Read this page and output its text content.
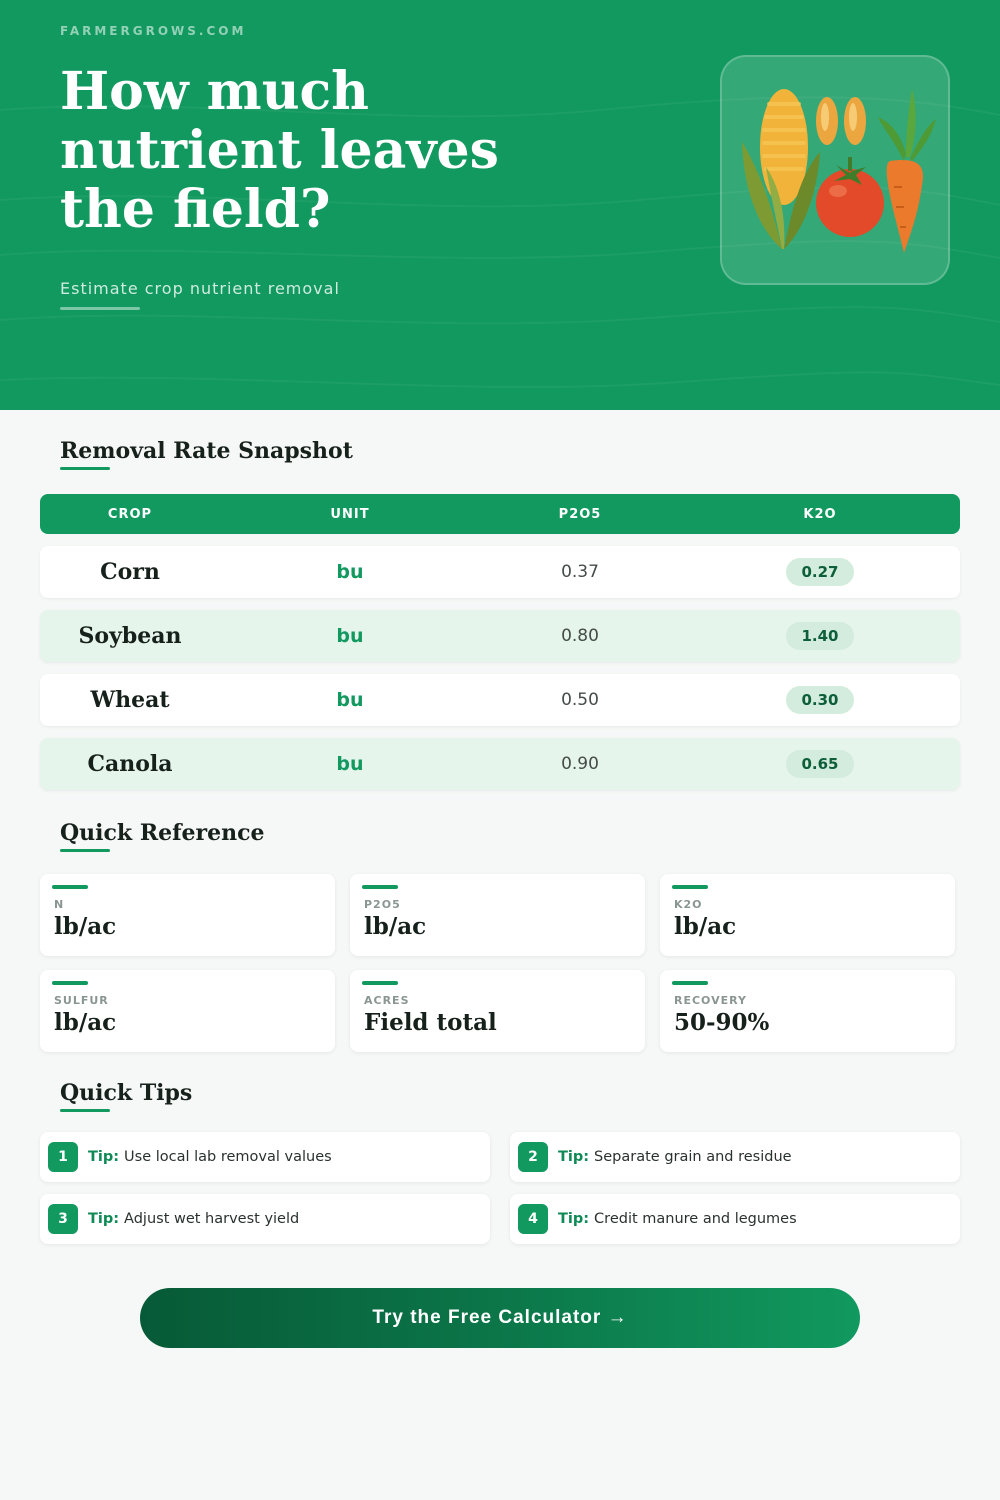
FARMERGROWS.COM
How much nutrient leaves the field?
Estimate crop nutrient removal
Removal Rate Snapshot
CROP	UNIT	P2O5	K2O
Corn	bu	0.37	0.27
Soybean	bu	0.80	1.40
Wheat	bu	0.50	0.30
Canola	bu	0.90	0.65
Quick Reference
N
lb/ac
P2O5
lb/ac
K2O
lb/ac
SULFUR
lb/ac
ACRES
Field total
RECOVERY
50-90%
Quick Tips
1	Tip: Use local lab removal values	2	Tip: Separate grain and residue
3	Tip: Adjust wet harvest yield	4	Tip: Credit manure and legumes
Try the Free Calculator →
